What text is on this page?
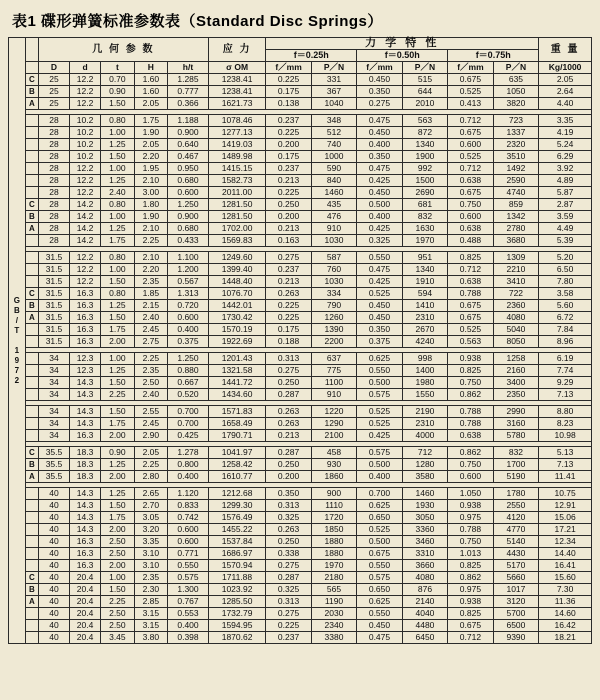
表1 碟形弹簧标准参数表（Standard Disc Springs）
GB/T 1972		几 何 参 数					应 力	力 学 特 性						重 量
								f＝0.25h		f＝0.50h		f＝0.75h		
		D	d	t	H	h/t	σ OM	f／mm	P／N	f／mm	P／N	f／mm	P／N	Kg/1000
	C	25	12.2	0.70	1.60	1.285	1238.41	0.225	331	0.450	515	0.675	635	2.05
	B	25	12.2	0.90	1.60	0.777	1238.41	0.175	367	0.350	644	0.525	1050	2.64
	A	25	12.2	1.50	2.05	0.366	1621.73	0.138	1040	0.275	2010	0.413	3820	4.40

		28	10.2	0.80	1.75	1.188	1078.46	0.237	348	0.475	563	0.712	723	3.35
		28	10.2	1.00	1.90	0.900	1277.13	0.225	512	0.450	872	0.675	1337	4.19
		28	10.2	1.25	2.05	0.640	1419.03	0.200	740	0.400	1340	0.600	2320	5.24
		28	10.2	1.50	2.20	0.467	1489.98	0.175	1000	0.350	1900	0.525	3510	6.29
		28	12.2	1.00	1.95	0.950	1415.15	0.237	590	0.475	992	0.712	1492	3.92
		28	12.2	1.25	2.10	0.680	1582.73	0.213	840	0.425	1500	0.638	2590	4.89
		28	12.2	2.40	3.00	0.600	2011.00	0.225	1460	0.450	2690	0.675	4740	5.87
	C	28	14.2	0.80	1.80	1.250	1281.50	0.250	435	0.500	681	0.750	859	2.87
	B	28	14.2	1.00	1.90	0.900	1281.50	0.200	476	0.400	832	0.600	1342	3.59
	A	28	14.2	1.25	2.10	0.680	1702.00	0.213	910	0.425	1630	0.638	2780	4.49
		28	14.2	1.75	2.25	0.433	1569.83	0.163	1030	0.325	1970	0.488	3680	5.39

		31.5	12.2	0.80	2.10	1.100	1249.60	0.275	587	0.550	951	0.825	1309	5.20
		31.5	12.2	1.00	2.20	1.200	1399.40	0.237	760	0.475	1340	0.712	2210	6.50
		31.5	12.2	1.50	2.35	0.567	1448.40	0.213	1030	0.425	1910	0.638	3410	7.80
	C	31.5	16.3	0.80	1.85	1.313	1076.70	0.263	334	0.525	594	0.788	722	3.58
	B	31.5	16.3	1.25	2.15	0.720	1442.01	0.225	790	0.450	1410	0.675	2360	5.60
	A	31.5	16.3	1.50	2.40	0.600	1730.42	0.225	1260	0.450	2310	0.675	4080	6.72
		31.5	16.3	1.75	2.45	0.400	1570.19	0.175	1390	0.350	2670	0.525	5040	7.84
		31.5	16.3	2.00	2.75	0.375	1922.69	0.188	2200	0.375	4240	0.563	8050	8.96

		34	12.3	1.00	2.25	1.250	1201.43	0.313	637	0.625	998	0.938	1258	6.19
		34	12.3	1.25	2.35	0.880	1321.58	0.275	775	0.550	1400	0.825	2160	7.74
		34	14.3	1.50	2.50	0.667	1441.72	0.250	1100	0.500	1980	0.750	3400	9.29
		34	14.3	2.25	2.40	0.520	1434.60	0.287	910	0.575	1550	0.862	2350	7.13

		34	14.3	1.50	2.55	0.700	1571.83	0.263	1220	0.525	2190	0.788	2990	8.80
		34	14.3	1.75	2.45	0.700	1658.49	0.263	1290	0.525	2310	0.788	3160	8.23
		34	16.3	2.00	2.90	0.425	1790.71	0.213	2100	0.425	4000	0.638	5780	10.98

	C	35.5	18.3	0.90	2.05	1.278	1041.97	0.287	458	0.575	712	0.862	832	5.13
	B	35.5	18.3	1.25	2.25	0.800	1258.42	0.250	930	0.500	1280	0.750	1700	7.13
	A	35.5	18.3	2.00	2.80	0.400	1610.77	0.200	1860	0.400	3580	0.600	5190	11.41

		40	14.3	1.25	2.65	1.120	1212.68	0.350	900	0.700	1460	1.050	1780	10.75
		40	14.3	1.50	2.70	0.833	1299.30	0.313	1110	0.625	1930	0.938	2550	12.91
		40	14.3	1.75	3.05	0.742	1576.49	0.325	1720	0.650	3050	0.975	4120	15.06
		40	14.3	2.00	3.20	0.600	1455.22	0.263	1850	0.525	3360	0.788	4770	17.21
		40	16.3	2.50	3.35	0.600	1537.84	0.250	1880	0.500	3460	0.750	5140	12.34
		40	16.3	2.50	3.10	0.771	1686.97	0.338	1880	0.675	3310	1.013	4430	14.40
		40	16.3	2.00	3.10	0.550	1570.94	0.275	1970	0.550	3660	0.825	5170	16.41
	C	40	20.4	1.00	2.35	0.575	1711.88	0.287	2180	0.575	4080	0.862	5660	15.60
	B	40	20.4	1.50	2.30	1.300	1023.92	0.325	565	0.650	876	0.975	1017	7.30
	A	40	20.4	2.25	2.85	0.767	1285.50	0.313	1190	0.625	2140	0.938	3120	11.36
		40	20.4	2.50	3.15	0.553	1732.79	0.275	2030	0.550	4040	0.825	5700	14.60
		40	20.4	2.50	3.15	0.400	1594.95	0.225	2340	0.450	4480	0.675	6500	16.42
		40	20.4	3.45	3.80	0.398	1870.62	0.237	3380	0.475	6450	0.712	9390	18.21
